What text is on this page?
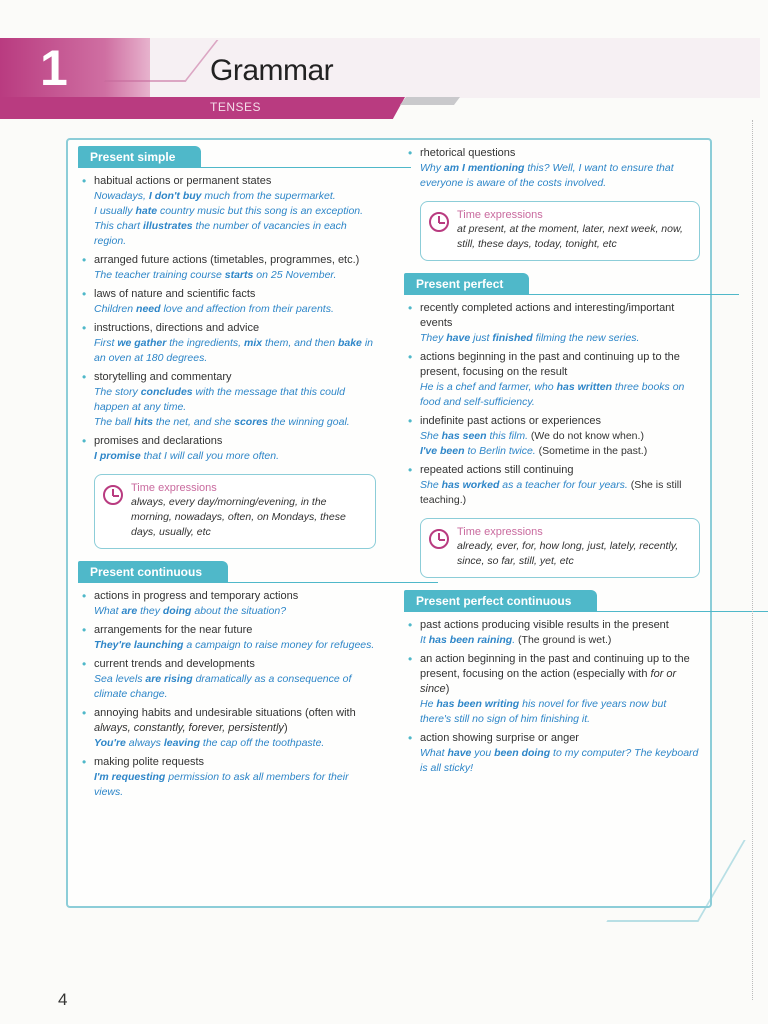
1	Grammar
TENSES
Present simple
• habitual actions or permanent states
Nowadays, I don't buy much from the supermarket.
I usually hate country music but this song is an exception.
This chart illustrates the number of vacancies in each region.
• arranged future actions (timetables, programmes, etc.)
The teacher training course starts on 25 November.
• laws of nature and scientific facts
Children need love and affection from their parents.
• instructions, directions and advice
First we gather the ingredients, mix them, and then bake in an oven at 180 degrees.
• storytelling and commentary
The story concludes with the message that this could happen at any time.
The ball hits the net, and she scores the winning goal.
• promises and declarations
I promise that I will call you more often.
Time expressions
always, every day/morning/evening, in the morning, nowadays, often, on Mondays, these days, usually, etc
Present continuous
• actions in progress and temporary actions
What are they doing about the situation?
• arrangements for the near future
They're launching a campaign to raise money for refugees.
• current trends and developments
Sea levels are rising dramatically as a consequence of climate change.
• annoying habits and undesirable situations (often with always, constantly, forever, persistently)
You're always leaving the cap off the toothpaste.
• making polite requests
I'm requesting permission to ask all members for their views.
• rhetorical questions
Why am I mentioning this? Well, I want to ensure that everyone is aware of the costs involved.
Time expressions
at present, at the moment, later, next week, now, still, these days, today, tonight, etc
Present perfect
• recently completed actions and interesting/important events
They have just finished filming the new series.
• actions beginning in the past and continuing up to the present, focusing on the result
He is a chef and farmer, who has written three books on food and self-sufficiency.
• indefinite past actions or experiences
She has seen this film. (We do not know when.)
I've been to Berlin twice. (Sometime in the past.)
• repeated actions still continuing
She has worked as a teacher for four years. (She is still teaching.)
Time expressions
already, ever, for, how long, just, lately, recently, since, so far, still, yet, etc
Present perfect continuous
• past actions producing visible results in the present
It has been raining. (The ground is wet.)
• an action beginning in the past and continuing up to the present, focusing on the action (especially with for or since)
He has been writing his novel for five years now but there's still no sign of him finishing it.
• action showing surprise or anger
What have you been doing to my computer? The keyboard is all sticky!
4
